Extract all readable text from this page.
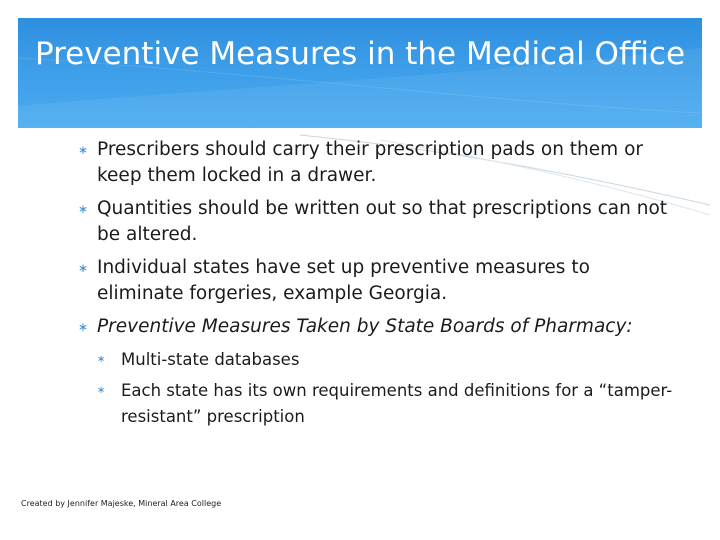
Preventive Measures in the Medical Office
∗ Prescribers should carry their prescription pads on them or keep them locked in a drawer.
∗ Quantities should be written out so that prescriptions can not be altered.
∗ Individual states have set up preventive measures to eliminate forgeries, example Georgia.
∗ Preventive Measures Taken by State Boards of Pharmacy:
∗ Multi-state databases
∗ Each state has its own requirements and definitions for a “tamper-resistant” prescription
Created by Jennifer Majeske, Mineral Area College
